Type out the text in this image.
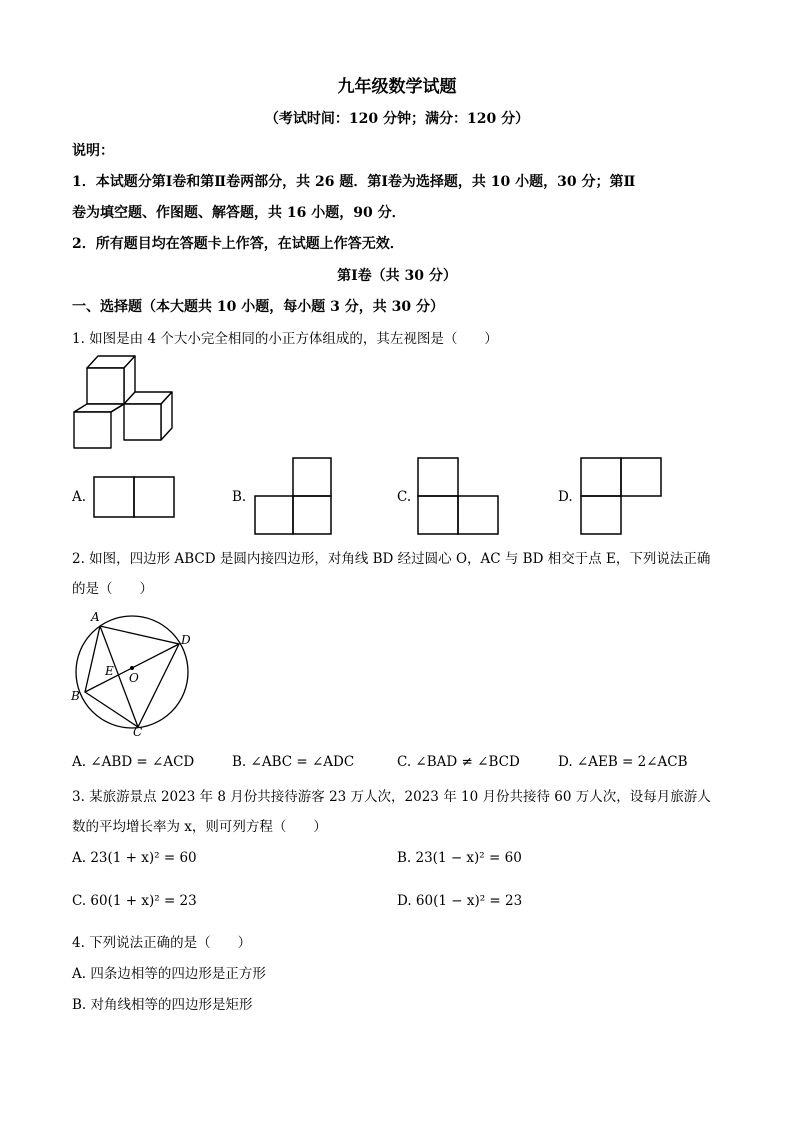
九年级数学试题
（考试时间：120 分钟；满分：120 分）
说明：
1．本试题分第Ⅰ卷和第Ⅱ卷两部分，共 26 题．第Ⅰ卷为选择题，共 10 小题，30 分；第Ⅱ
卷为填空题、作图题、解答题，共 16 小题，90 分．
2．所有题目均在答题卡上作答，在试题上作答无效．
第Ⅰ卷（共 30 分）
一、选择题（本大题共 10 小题，每小题 3 分，共 30 分）
1. 如图是由 4 个大小完全相同的小正方体组成的，其左视图是（　　）
A.	B.	C.	D.
2. 如图，四边形 ABCD 是圆内接四边形，对角线 BD 经过圆心 O，AC 与 BD 相交于点 E，下列说法正确
的是（　　）
A
B
C
D
E O
A. ∠ABD = ∠ACD	B. ∠ABC = ∠ADC	C. ∠BAD ≠ ∠BCD	D. ∠AEB = 2∠ACB
3. 某旅游景点 2023 年 8 月份共接待游客 23 万人次，2023 年 10 月份共接待 60 万人次，设每月旅游人
数的平均增长率为 x，则可列方程（　　）
A. 23(1 + x)² = 60	B. 23(1 − x)² = 60
C. 60(1 + x)² = 23	D. 60(1 − x)² = 23
4. 下列说法正确的是（　　）
A. 四条边相等的四边形是正方形
B. 对角线相等的四边形是矩形
